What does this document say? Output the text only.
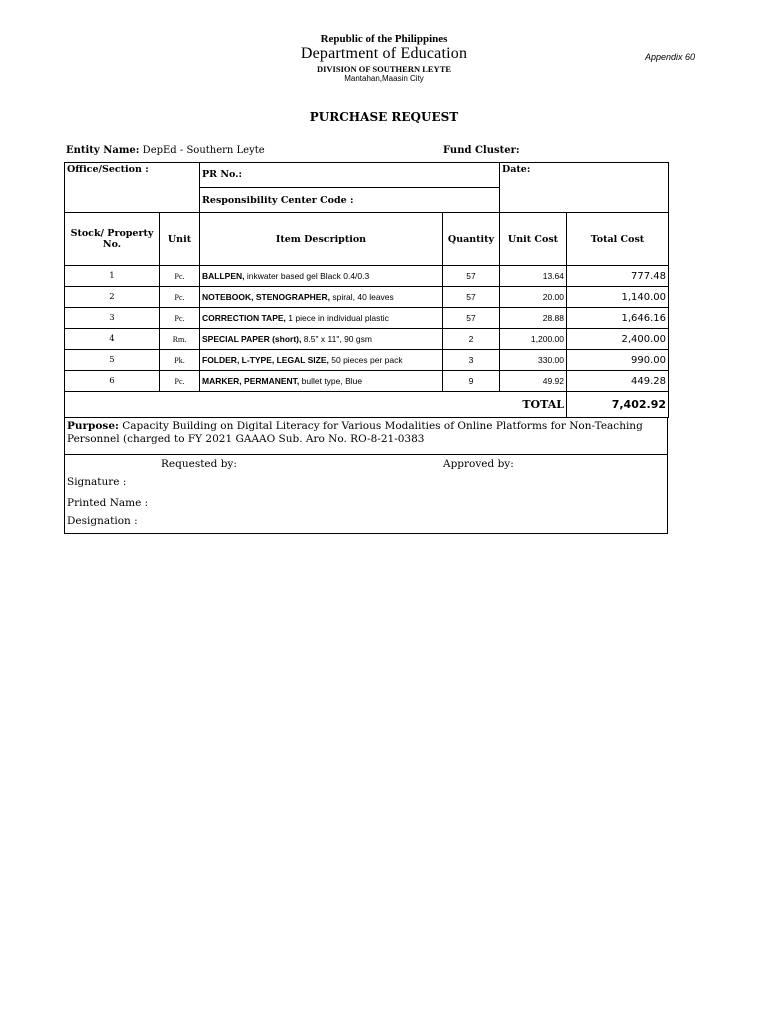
Republic of the Philippines
Department of Education
DIVISION OF SOUTHERN LEYTE
Mantahan,Maasin City
Appendix 60
PURCHASE REQUEST
Entity Name: DepEd - Southern Leyte	Fund Cluster:
Office/Section :	PR No.:	Date:
Responsibility Center Code :
Stock/ Property No.	Unit	Item Description	Quantity	Unit Cost	Total Cost
1	Pc.	BALLPEN, inkwater based gel Black 0.4/0.3	57	13.64	777.48
2	Pc.	NOTEBOOK, STENOGRAPHER, spiral, 40 leaves	57	20.00	1,140.00
3	Pc.	CORRECTION TAPE, 1 piece in individual plastic	57	28.88	1,646.16
4	Rm.	SPECIAL PAPER (short), 8.5" x 11", 90 gsm	2	1,200.00	2,400.00
5	Pk.	FOLDER, L-TYPE, LEGAL SIZE, 50 pieces per pack	3	330.00	990.00
6	Pc.	MARKER, PERMANENT, bullet type, Blue	9	49.92	449.28
TOTAL					7,402.92
Purpose: Capacity Building on Digital Literacy for Various Modalities of Online Platforms for Non-Teaching Personnel (charged to FY 2021 GAAAO Sub. Aro No. RO-8-21-0383
Requested by:	Approved by:
Signature :
Printed Name :
Designation :
